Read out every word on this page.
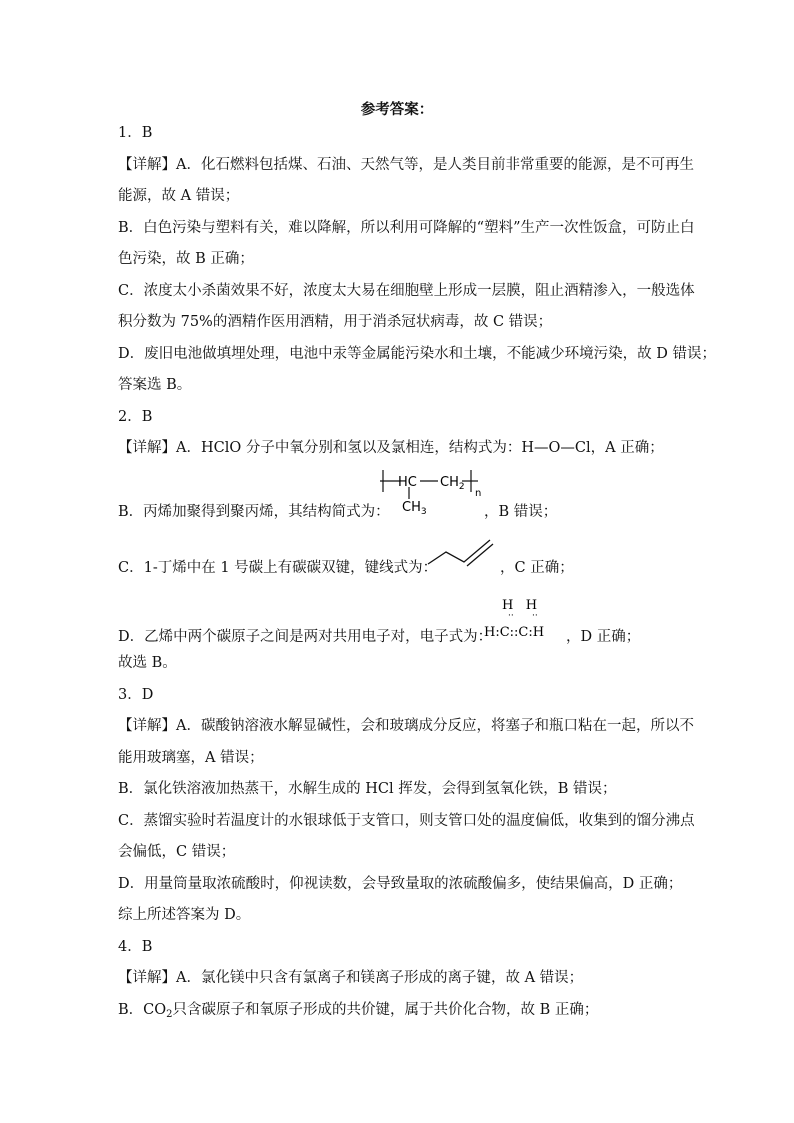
参考答案：
1．B
【详解】A．化石燃料包括煤、石油、天然气等，是人类目前非常重要的能源，是不可再生
能源，故 A 错误；
B．白色污染与塑料有关，难以降解，所以利用可降解的“塑料”生产一次性饭盒，可防止白
色污染，故 B 正确；
C．浓度太小杀菌效果不好，浓度太大易在细胞壁上形成一层膜，阻止酒精渗入，一般选体
积分数为 75%的酒精作医用酒精，用于消杀冠状病毒，故 C 错误；
D．废旧电池做填埋处理，电池中汞等金属能污染水和土壤，不能减少环境污染，故 D 错误；
答案选 B。
2．B
【详解】A．HClO 分子中氧分别和氢以及氯相连，结构式为：H—O—Cl，A 正确；
B．丙烯加聚得到聚丙烯，其结构简式为：
HC $CH_2$
n
$CH_3$	，B 错误；
C．1-丁烯中在 1 号碳上有碳碳双键，键线式为：	，C 正确；
H   H
·· ··
H:C::C:H
D．乙烯中两个碳原子之间是两对共用电子对，电子式为：	，D 正确；
故选 B。
3．D
【详解】A．碳酸钠溶液水解显碱性，会和玻璃成分反应，将塞子和瓶口粘在一起，所以不
能用玻璃塞，A 错误；
B．氯化铁溶液加热蒸干，水解生成的 HCl 挥发，会得到氢氧化铁，B 错误；
C．蒸馏实验时若温度计的水银球低于支管口，则支管口处的温度偏低，收集到的馏分沸点
会偏低，C 错误；
D．用量筒量取浓硫酸时，仰视读数，会导致量取的浓硫酸偏多，使结果偏高，D 正确；
综上所述答案为 D。
4．B
【详解】A．氯化镁中只含有氯离子和镁离子形成的离子键，故 A 错误；
B．$CO_2$只含碳原子和氧原子形成的共价键，属于共价化合物，故 B 正确；
